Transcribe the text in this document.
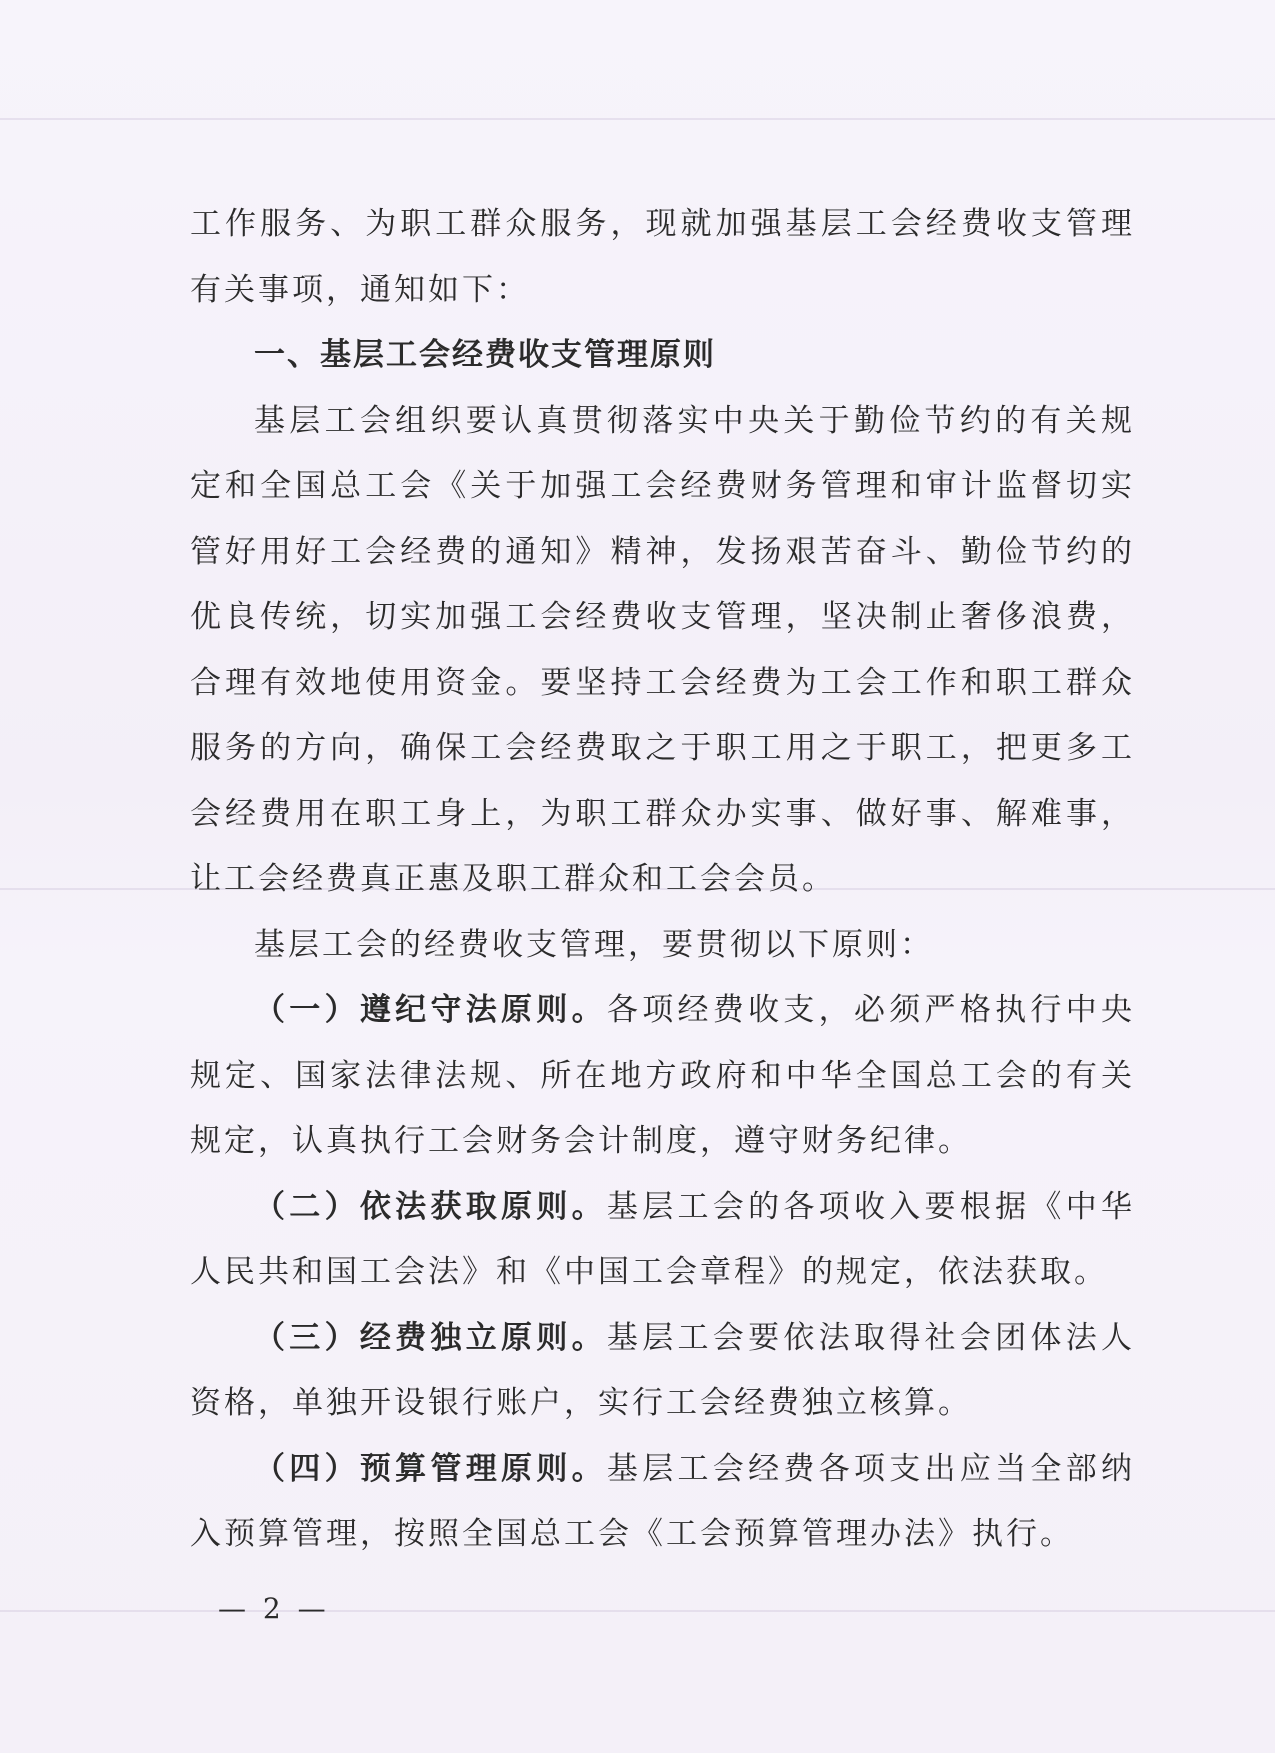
工作服务、为职工群众服务，现就加强基层工会经费收支管理有关事项，通知如下：

一、基层工会经费收支管理原则

基层工会组织要认真贯彻落实中央关于勤俭节约的有关规定和全国总工会《关于加强工会经费财务管理和审计监督切实管好用好工会经费的通知》精神，发扬艰苦奋斗、勤俭节约的优良传统，切实加强工会经费收支管理，坚决制止奢侈浪费，合理有效地使用资金。要坚持工会经费为工会工作和职工群众服务的方向，确保工会经费取之于职工用之于职工，把更多工会经费用在职工身上，为职工群众办实事、做好事、解难事，让工会经费真正惠及职工群众和工会会员。

基层工会的经费收支管理，要贯彻以下原则：

（一）遵纪守法原则。各项经费收支，必须严格执行中央规定、国家法律法规、所在地方政府和中华全国总工会的有关规定，认真执行工会财务会计制度，遵守财务纪律。

（二）依法获取原则。基层工会的各项收入要根据《中华人民共和国工会法》和《中国工会章程》的规定，依法获取。

（三）经费独立原则。基层工会要依法取得社会团体法人资格，单独开设银行账户，实行工会经费独立核算。

（四）预算管理原则。基层工会经费各项支出应当全部纳入预算管理，按照全国总工会《工会预算管理办法》执行。

— 2 —
